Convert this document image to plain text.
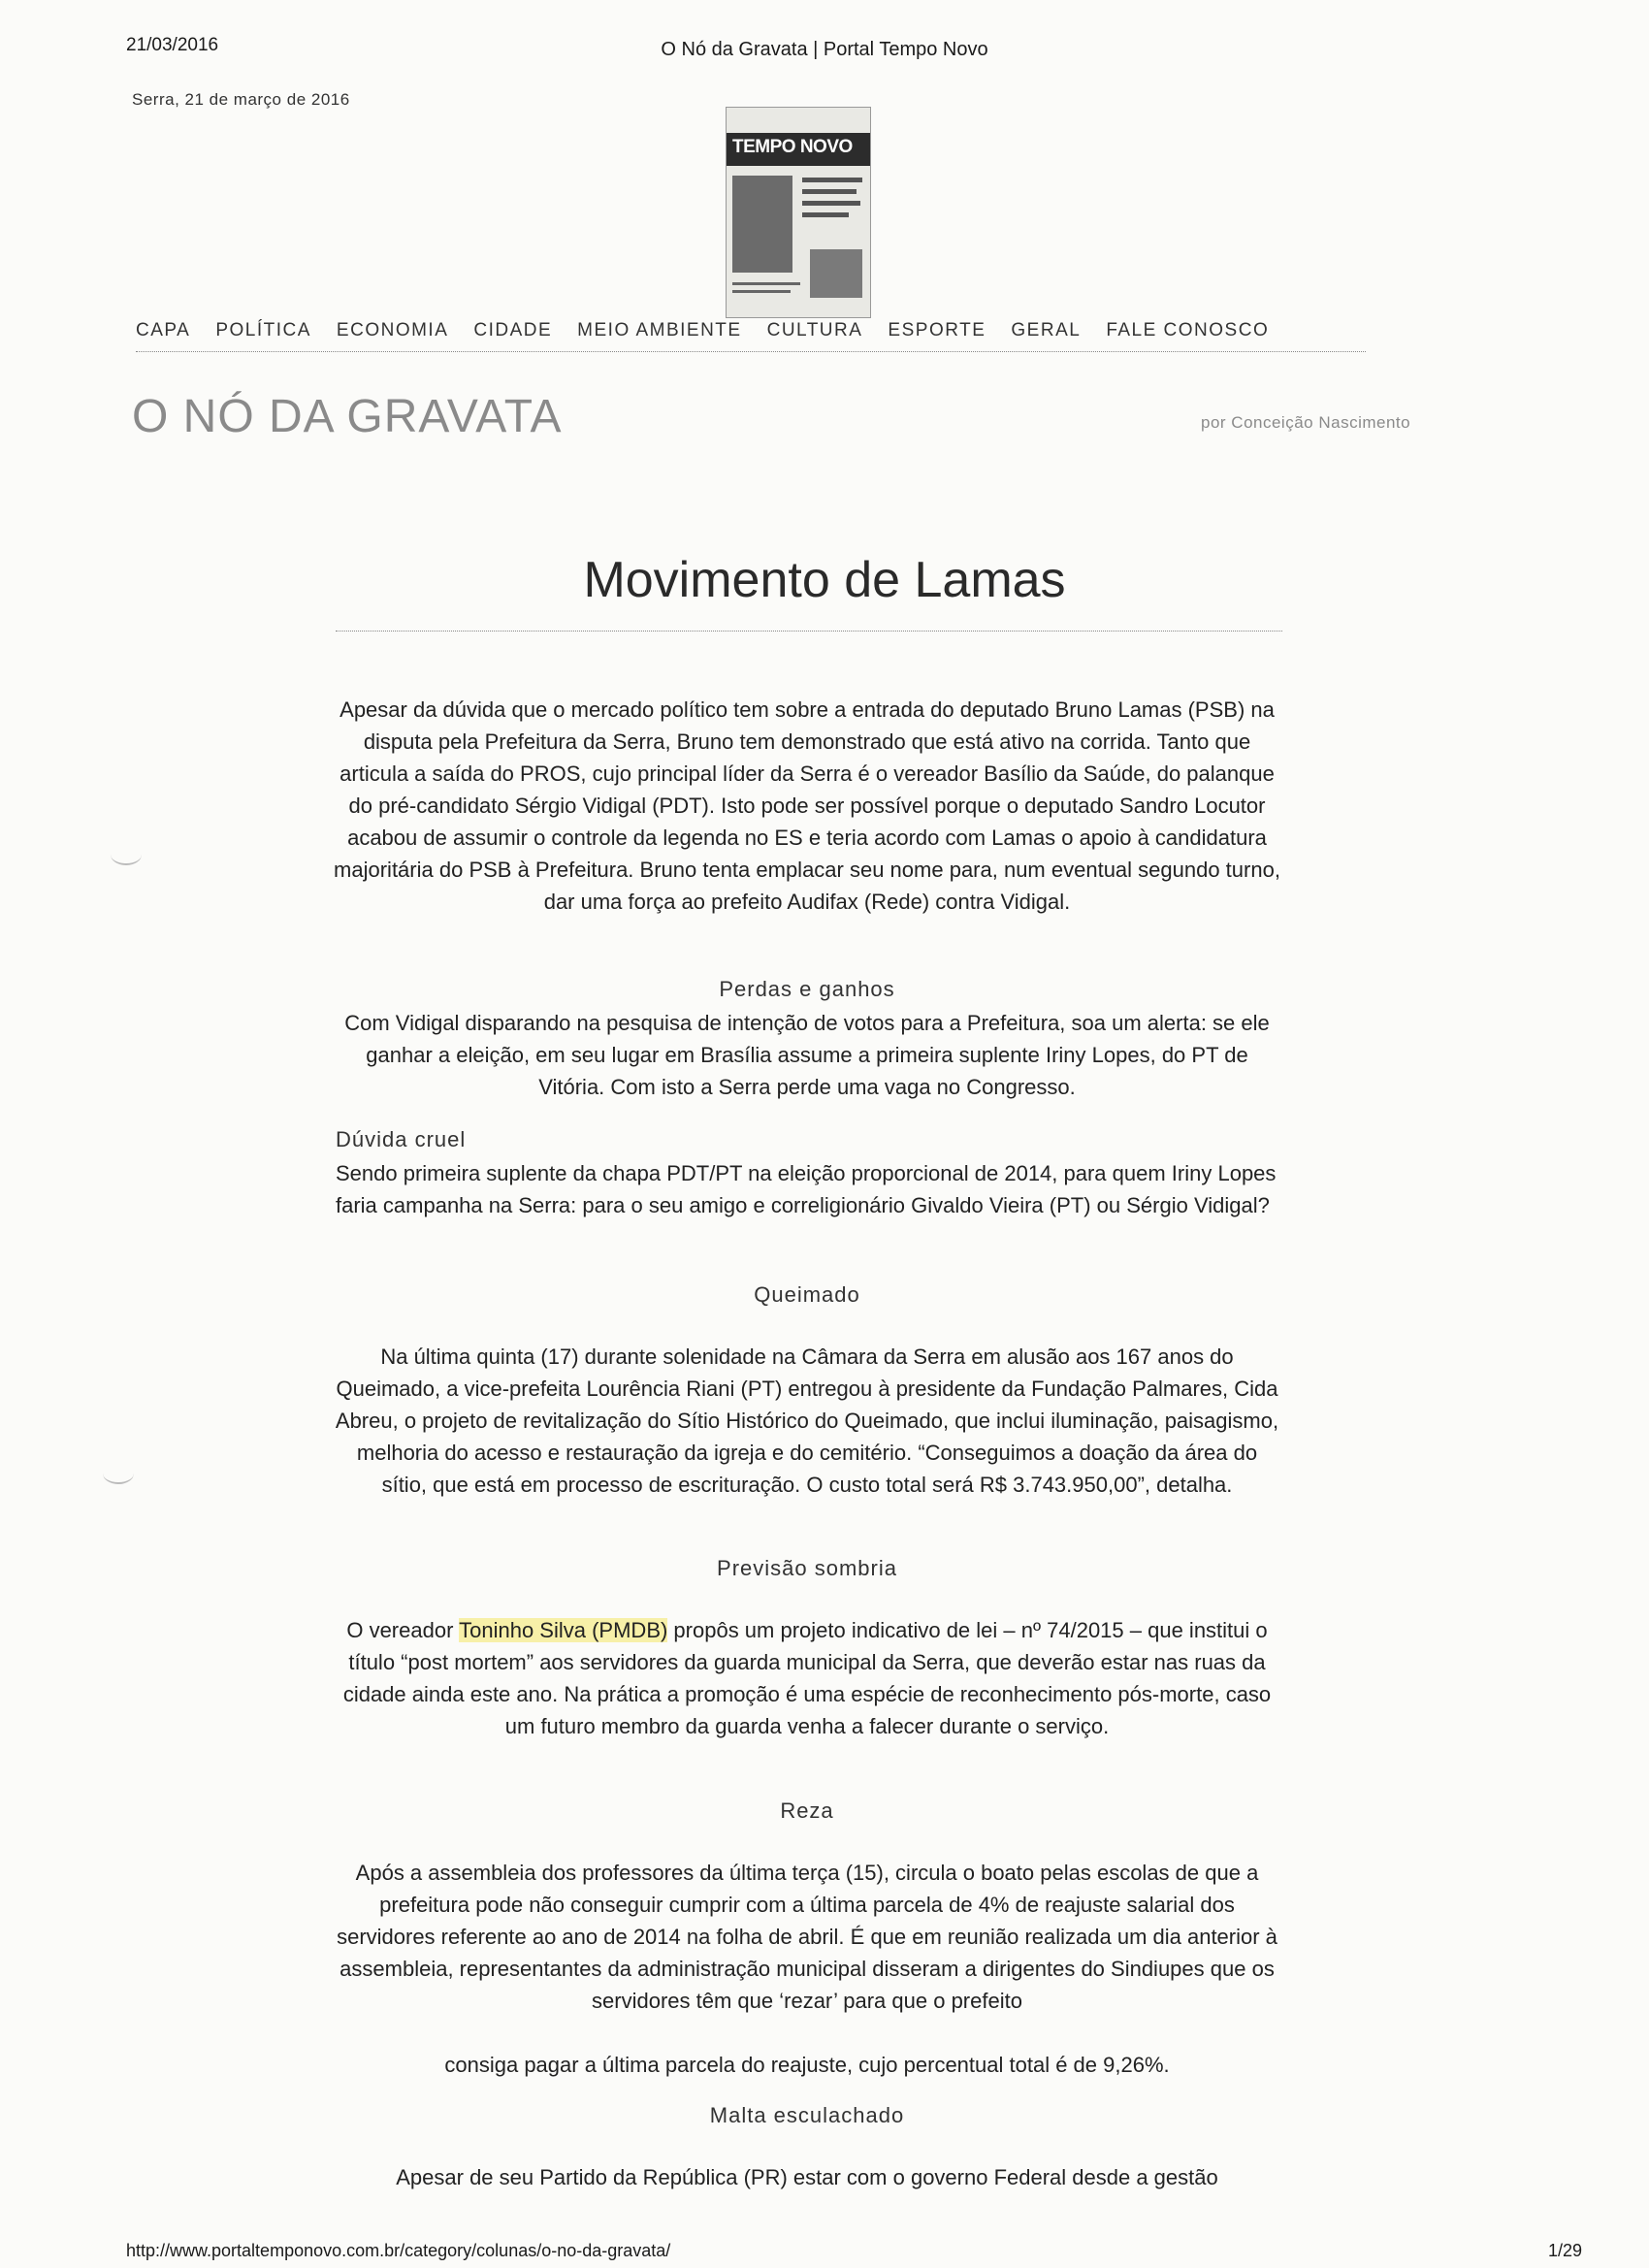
21/03/2016	O Nó da Gravata | Portal Tempo Novo
Serra, 21 de março de 2016
TEMPO NOVO
CAPA POLÍTICA ECONOMIA CIDADE MEIO AMBIENTE CULTURA ESPORTE GERAL FALE CONOSCO
O NÓ DA GRAVATA	por Conceição Nascimento
Movimento de Lamas

Apesar da dúvida que o mercado político tem sobre a entrada do deputado Bruno Lamas (PSB) na disputa pela Prefeitura da Serra, Bruno tem demonstrado que está ativo na corrida. Tanto que articula a saída do PROS, cujo principal líder da Serra é o vereador Basílio da Saúde, do palanque do pré-candidato Sérgio Vidigal (PDT). Isto pode ser possível porque o deputado Sandro Locutor acabou de assumir o controle da legenda no ES e teria acordo com Lamas o apoio à candidatura majoritária do PSB à Prefeitura. Bruno tenta emplacar seu nome para, num eventual segundo turno, dar uma força ao prefeito Audifax (Rede) contra Vidigal.

Perdas e ganhos

Com Vidigal disparando na pesquisa de intenção de votos para a Prefeitura, soa um alerta: se ele ganhar a eleição, em seu lugar em Brasília assume a primeira suplente Iriny Lopes, do PT de Vitória. Com isto a Serra perde uma vaga no Congresso.

Dúvida cruel

Sendo primeira suplente da chapa PDT/PT na eleição proporcional de 2014, para quem Iriny Lopes faria campanha na Serra: para o seu amigo e correligionário Givaldo Vieira (PT) ou Sérgio Vidigal?

Queimado

Na última quinta (17) durante solenidade na Câmara da Serra em alusão aos 167 anos do Queimado, a vice-prefeita Lourência Riani (PT) entregou à presidente da Fundação Palmares, Cida Abreu, o projeto de revitalização do Sítio Histórico do Queimado, que inclui iluminação, paisagismo, melhoria do acesso e restauração da igreja e do cemitério. “Conseguimos a doação da área do sítio, que está em processo de escrituração. O custo total será R$ 3.743.950,00”, detalha.

Previsão sombria

O vereador Toninho Silva (PMDB) propôs um projeto indicativo de lei – nº 74/2015 – que institui o título “post mortem” aos servidores da guarda municipal da Serra, que deverão estar nas ruas da cidade ainda este ano. Na prática a promoção é uma espécie de reconhecimento pós-morte, caso um futuro membro da guarda venha a falecer durante o serviço.

Reza

Após a assembleia dos professores da última terça (15), circula o boato pelas escolas de que a prefeitura pode não conseguir cumprir com a última parcela de 4% de reajuste salarial dos servidores referente ao ano de 2014 na folha de abril. É que em reunião realizada um dia anterior à assembleia, representantes da administração municipal disseram a dirigentes do Sindiupes que os servidores têm que ‘rezar’ para que o prefeito

consiga pagar a última parcela do reajuste, cujo percentual total é de 9,26%.

Malta esculachado

Apesar de seu Partido da República (PR) estar com o governo Federal desde a gestão

http://www.portaltemponovo.com.br/category/colunas/o-no-da-gravata/	1/29
